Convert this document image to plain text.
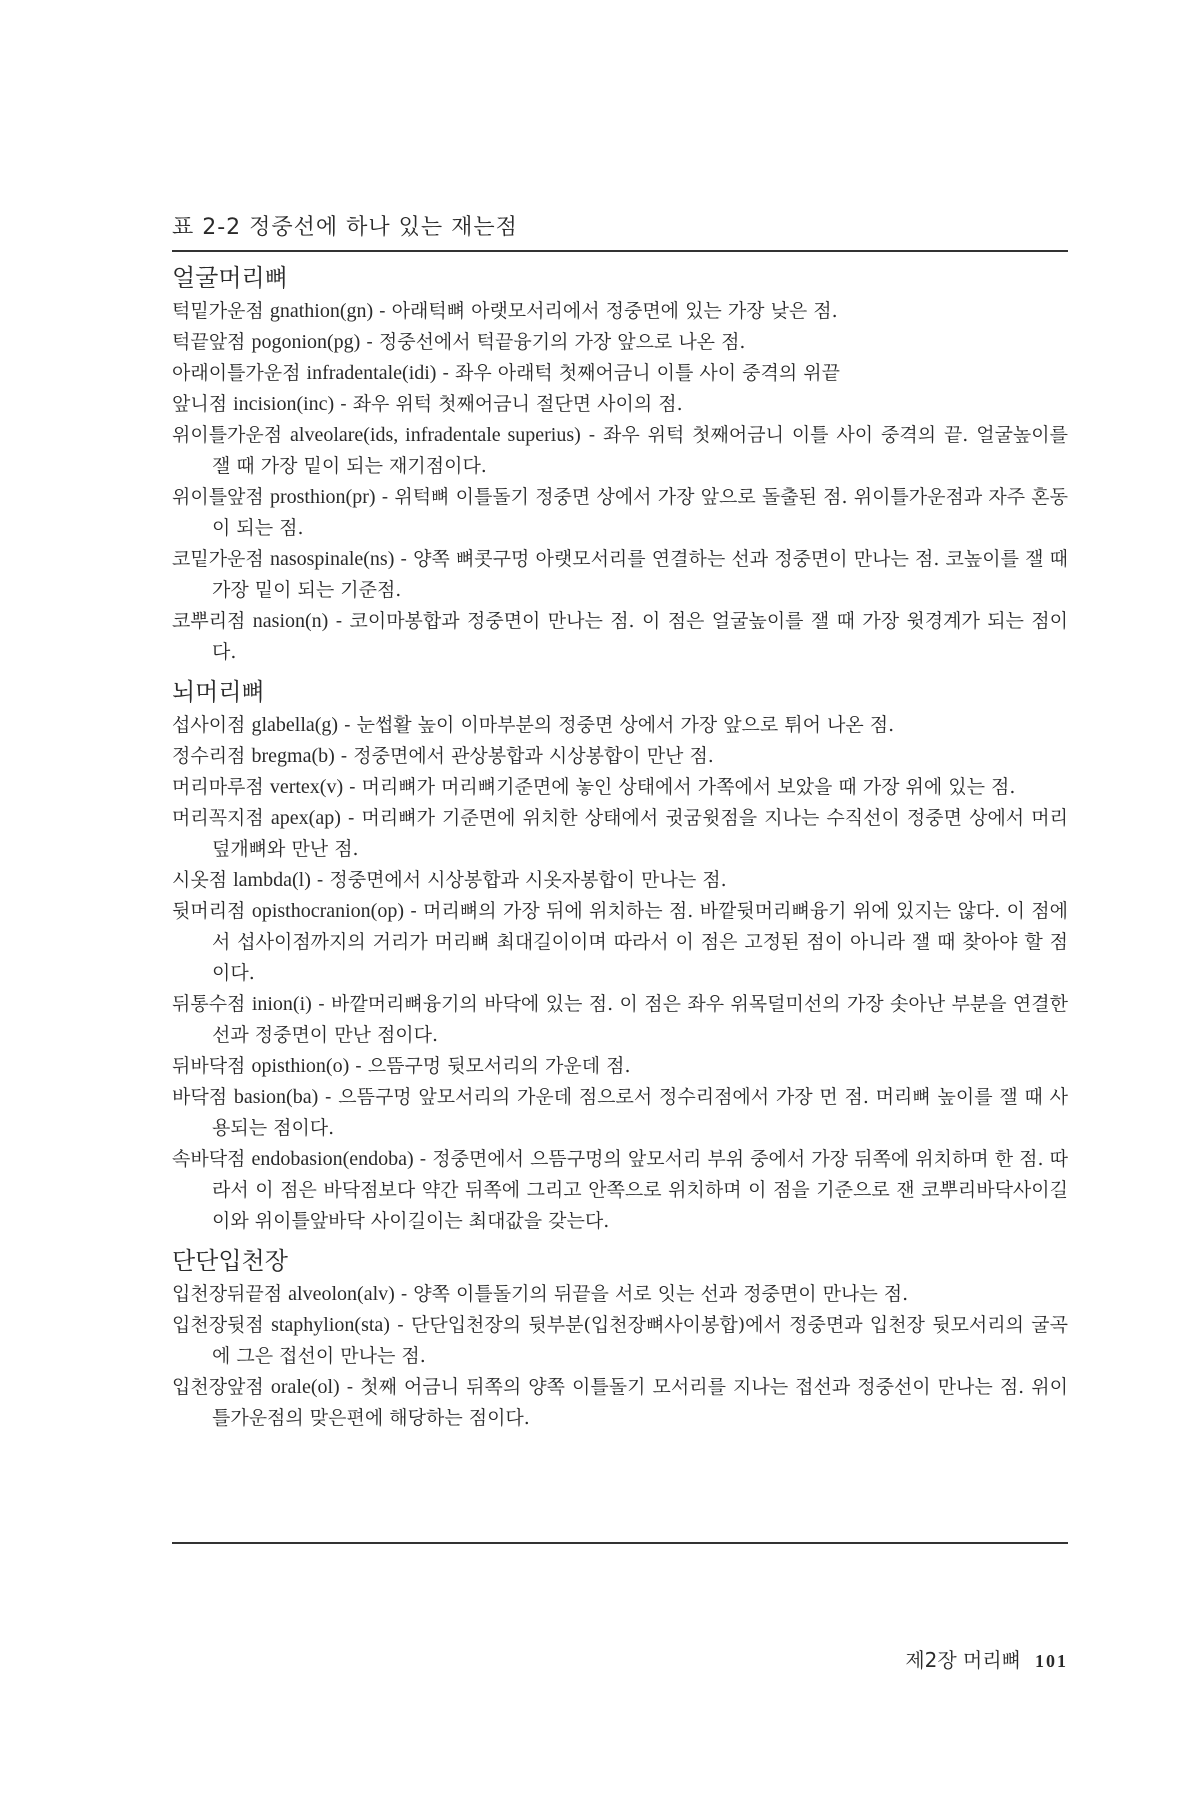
표 2-2 정중선에 하나 있는 재는점
얼굴머리뼈
턱밑가운점 gnathion(gn) - 아래턱뼈 아랫모서리에서 정중면에 있는 가장 낮은 점.
턱끝앞점 pogonion(pg) - 정중선에서 턱끝융기의 가장 앞으로 나온 점.
아래이틀가운점 infradentale(idi) - 좌우 아래턱 첫째어금니 이틀 사이 중격의 위끝
앞니점 incision(inc) - 좌우 위턱 첫째어금니 절단면 사이의 점.
위이틀가운점 alveolare(ids, infradentale superius) - 좌우 위턱 첫째어금니 이틀 사이 중격의 끝. 얼굴높이를 잴 때 가장 밑이 되는 재기점이다.
위이틀앞점 prosthion(pr) - 위턱뼈 이틀돌기 정중면 상에서 가장 앞으로 돌출된 점. 위이틀가운점과 자주 혼동이 되는 점.
코밑가운점 nasospinale(ns) - 양쪽 뼈콧구멍 아랫모서리를 연결하는 선과 정중면이 만나는 점. 코높이를 잴 때 가장 밑이 되는 기준점.
코뿌리점 nasion(n) - 코이마봉합과 정중면이 만나는 점. 이 점은 얼굴높이를 잴 때 가장 윗경계가 되는 점이다.
뇌머리뼈
섭사이점 glabella(g) - 눈썹활 높이 이마부분의 정중면 상에서 가장 앞으로 튀어 나온 점.
정수리점 bregma(b) - 정중면에서 관상봉합과 시상봉합이 만난 점.
머리마루점 vertex(v) - 머리뼈가 머리뼈기준면에 놓인 상태에서 가쪽에서 보았을 때 가장 위에 있는 점.
머리꼭지점 apex(ap) - 머리뼈가 기준면에 위치한 상태에서 귓굼윗점을 지나는 수직선이 정중면 상에서 머리덮개뼈와 만난 점.
시옷점 lambda(l) - 정중면에서 시상봉합과 시옷자봉합이 만나는 점.
뒷머리점 opisthocranion(op) - 머리뼈의 가장 뒤에 위치하는 점. 바깥뒷머리뼈융기 위에 있지는 않다. 이 점에서 섭사이점까지의 거리가 머리뼈 최대길이이며 따라서 이 점은 고정된 점이 아니라 잴 때 찾아야 할 점이다.
뒤통수점 inion(i) - 바깥머리뼈융기의 바닥에 있는 점. 이 점은 좌우 위목덜미선의 가장 솟아난 부분을 연결한 선과 정중면이 만난 점이다.
뒤바닥점 opisthion(o) - 으뜸구멍 뒷모서리의 가운데 점.
바닥점 basion(ba) - 으뜸구멍 앞모서리의 가운데 점으로서 정수리점에서 가장 먼 점. 머리뼈 높이를 잴 때 사용되는 점이다.
속바닥점 endobasion(endoba) - 정중면에서 으뜸구멍의 앞모서리 부위 중에서 가장 뒤쪽에 위치하며 한 점. 따라서 이 점은 바닥점보다 약간 뒤쪽에 그리고 안쪽으로 위치하며 이 점을 기준으로 잰 코뿌리바닥사이길이와 위이틀앞바닥 사이길이는 최대값을 갖는다.
단단입천장
입천장뒤끝점 alveolon(alv) - 양쪽 이틀돌기의 뒤끝을 서로 잇는 선과 정중면이 만나는 점.
입천장뒷점 staphylion(sta) - 단단입천장의 뒷부분(입천장뼈사이봉합)에서 정중면과 입천장 뒷모서리의 굴곡에 그은 접선이 만나는 점.
입천장앞점 orale(ol) - 첫째 어금니 뒤쪽의 양쪽 이틀돌기 모서리를 지나는 접선과 정중선이 만나는 점. 위이틀가운점의 맞은편에 해당하는 점이다.
제2장 머리뼈 101
